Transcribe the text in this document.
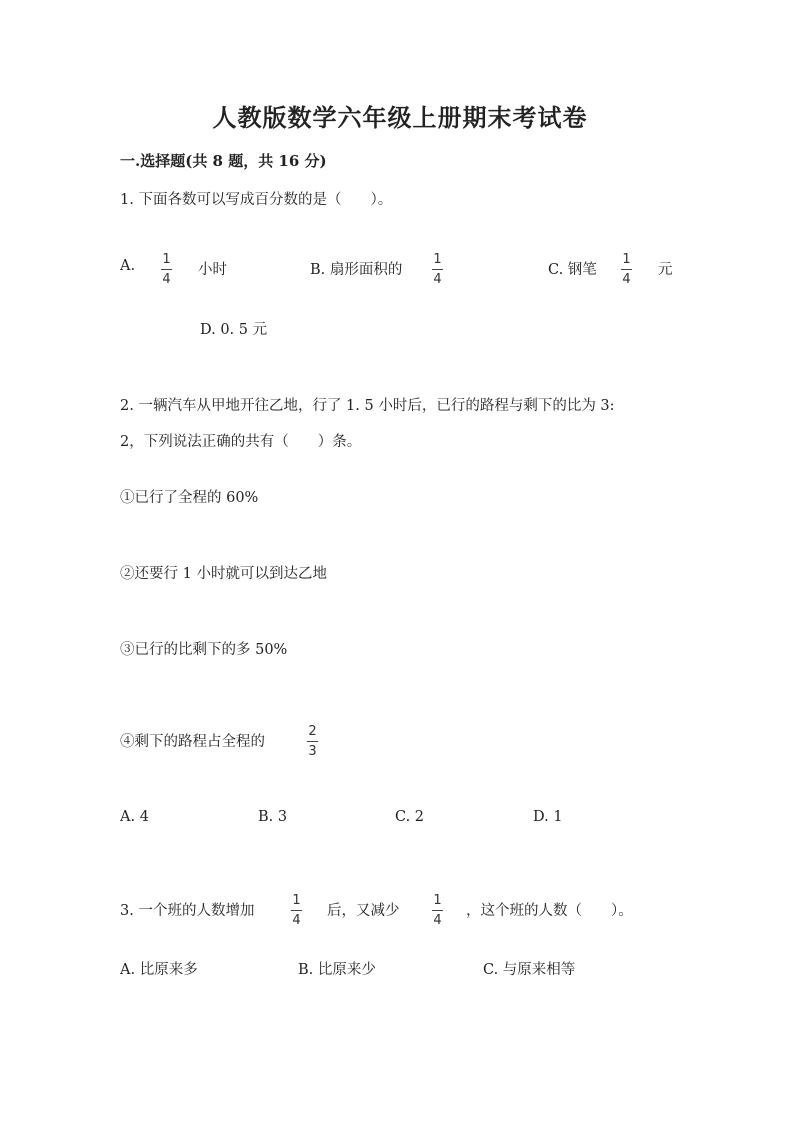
人教版数学六年级上册期末考试卷
一.选择题(共 8 题，共 16 分)
1. 下面各数可以写成百分数的是（　　）。
A. 1
4
小时	B. 扇形面积的
1
4
C. 钢笔
1
4
元
D. 0. 5 元
2. 一辆汽车从甲地开往乙地，行了 1. 5 小时后，已行的路程与剩下的比为 3:
2，下列说法正确的共有（　　）条。
①已行了全程的 60%
②还要行 1 小时就可以到达乙地
③已行的比剩下的多 50%
④剩下的路程占全程的
2
3
A. 4	B. 3	C. 2	D. 1
3. 一个班的人数增加
1
4
后，又减少
1
4
，这个班的人数（　　）。
A. 比原来多	B. 比原来少	C. 与原来相等
